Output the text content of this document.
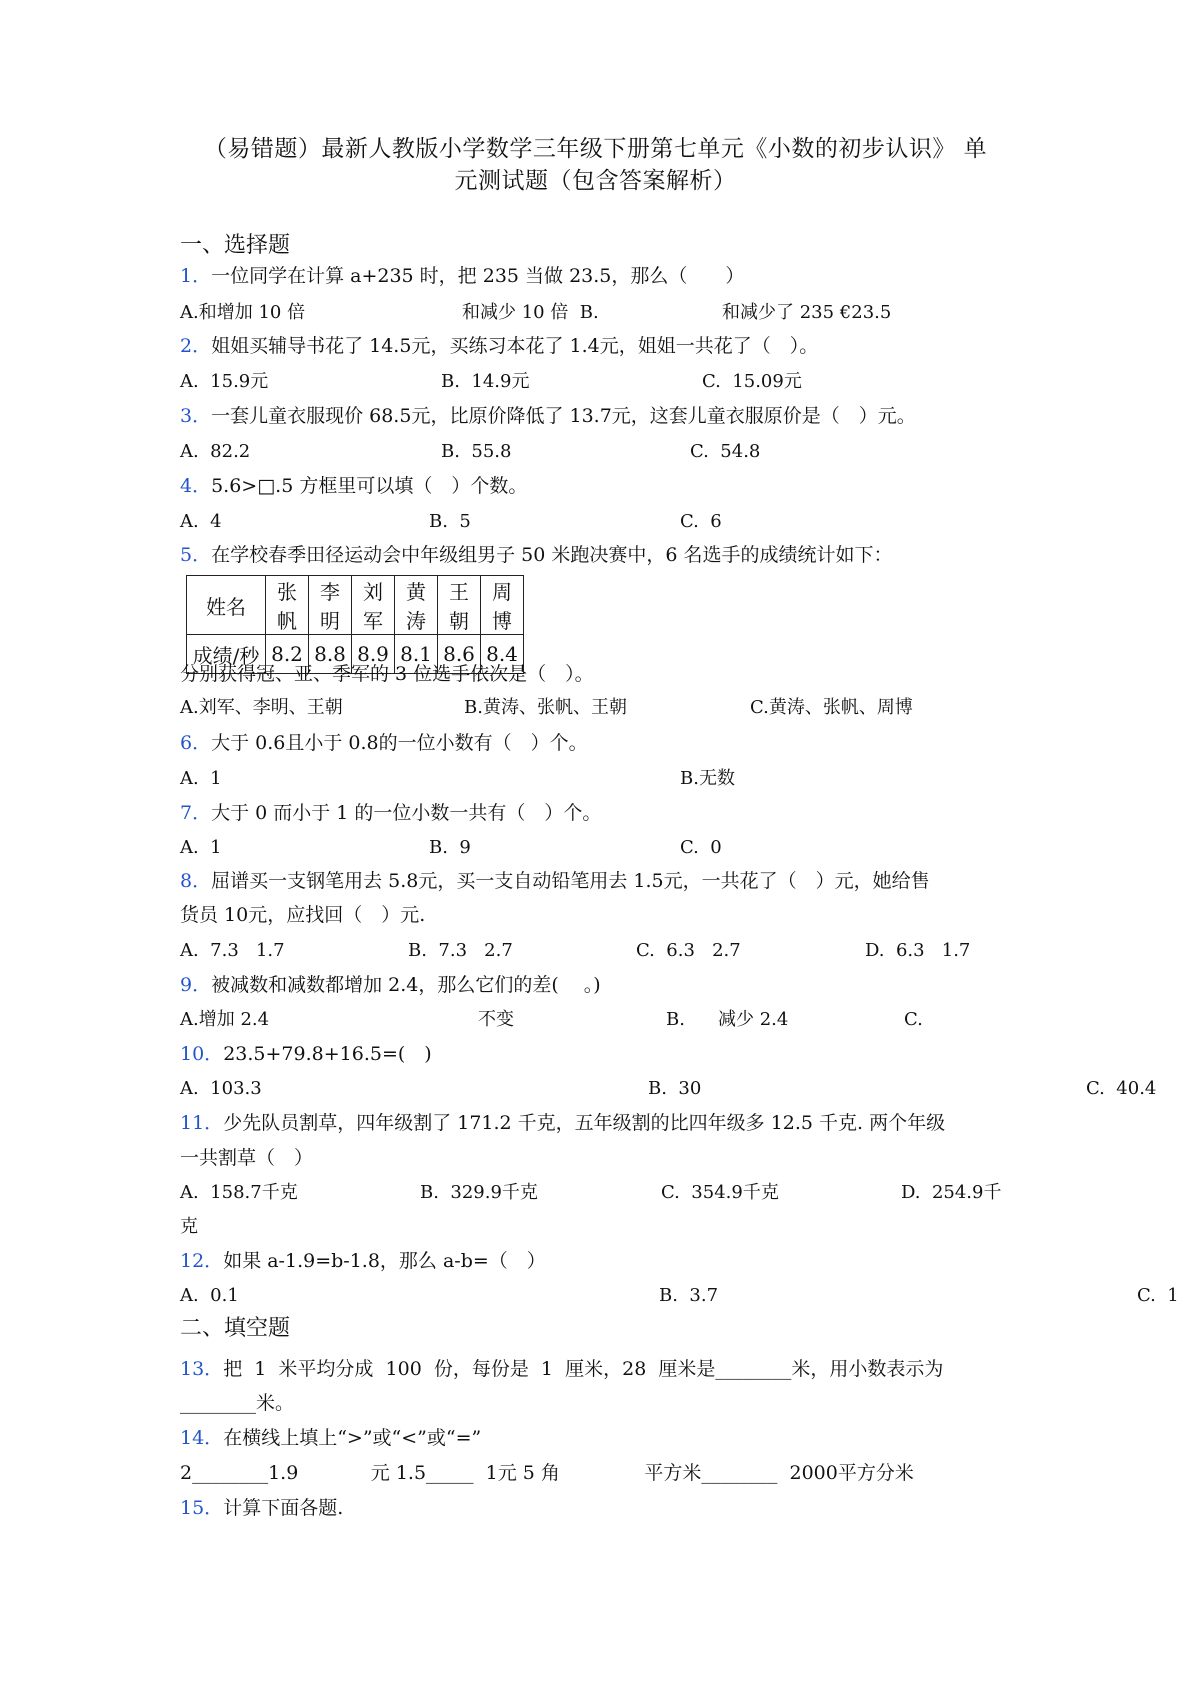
（易错题）最新人教版小学数学三年级下册第七单元《小数的初步认识》 单
元测试题（包含答案解析）
一、选择题
1．一位同学在计算 a+235 时，把 235 当做 23.5，那么（　　）
A.和增加 10 倍	和减少 10 倍  B.	和减少了 235 €23.5
2．姐姐买辅导书花了 14.5元，买练习本花了 1.4元，姐姐一共花了（　）。
A.  15.9元	B.  14.9元	C.  15.09元
3．一套儿童衣服现价 68.5元，比原价降低了 13.7元，这套儿童衣服原价是（　）元。
A.  82.2	B.  55.8	C.  54.8
4．5.6>□.5 方框里可以填（　）个数。
A.  4	B.  5	C.  6
5．在学校春季田径运动会中年级组男子 50 米跑决赛中，6 名选手的成绩统计如下：
姓名	张帆	李明	刘军	黄涛	王朝	周博
成绩/秒	8.2	8.8	8.9	8.1	8.6	8.4
分别获得冠、亚、季军的 3 位选手依次是（　）。
A.刘军、李明、王朝	B.黄涛、张帆、王朝	C.黄涛、张帆、周博
6．大于 0.6且小于 0.8的一位小数有（　）个。
A.  1	B.无数
7．大于 0 而小于 1 的一位小数一共有（　）个。
A.  1	B.  9	C.  0
8．屈谱买一支钢笔用去 5.8元，买一支自动铅笔用去 1.5元，一共花了（　）元，她给售
货员 10元，应找回（　）元.
A.  7.3   1.7	B.  7.3   2.7	C.  6.3   2.7	D.  6.3   1.7
9．被减数和减数都增加 2.4，那么它们的差(　 。)
A.增加 2.4	不变	B. 减少 2.4	C.
10．23.5+79.8+16.5=(　)
A.  103.3	B.  30	C.  40.4
11．少先队员割草，四年级割了 171.2 千克，五年级割的比四年级多 12.5 千克. 两个年级
一共割草（　）
A.  158.7千克	B.  329.9千克	C.  354.9千克	D.  254.9千
克
12．如果 a-1.9=b-1.8，那么 a-b=（　）
A.  0.1	B.  3.7	C.  1
二、填空题
13．把  1  米平均分成  100  份，每份是  1  厘米，28  厘米是________米，用小数表示为
________米。
14．在横线上填上“>”或“<”或“=”
2________1.9            元 1.5_____  1元 5 角              平方米________  2000平方分米
15．计算下面各题.
